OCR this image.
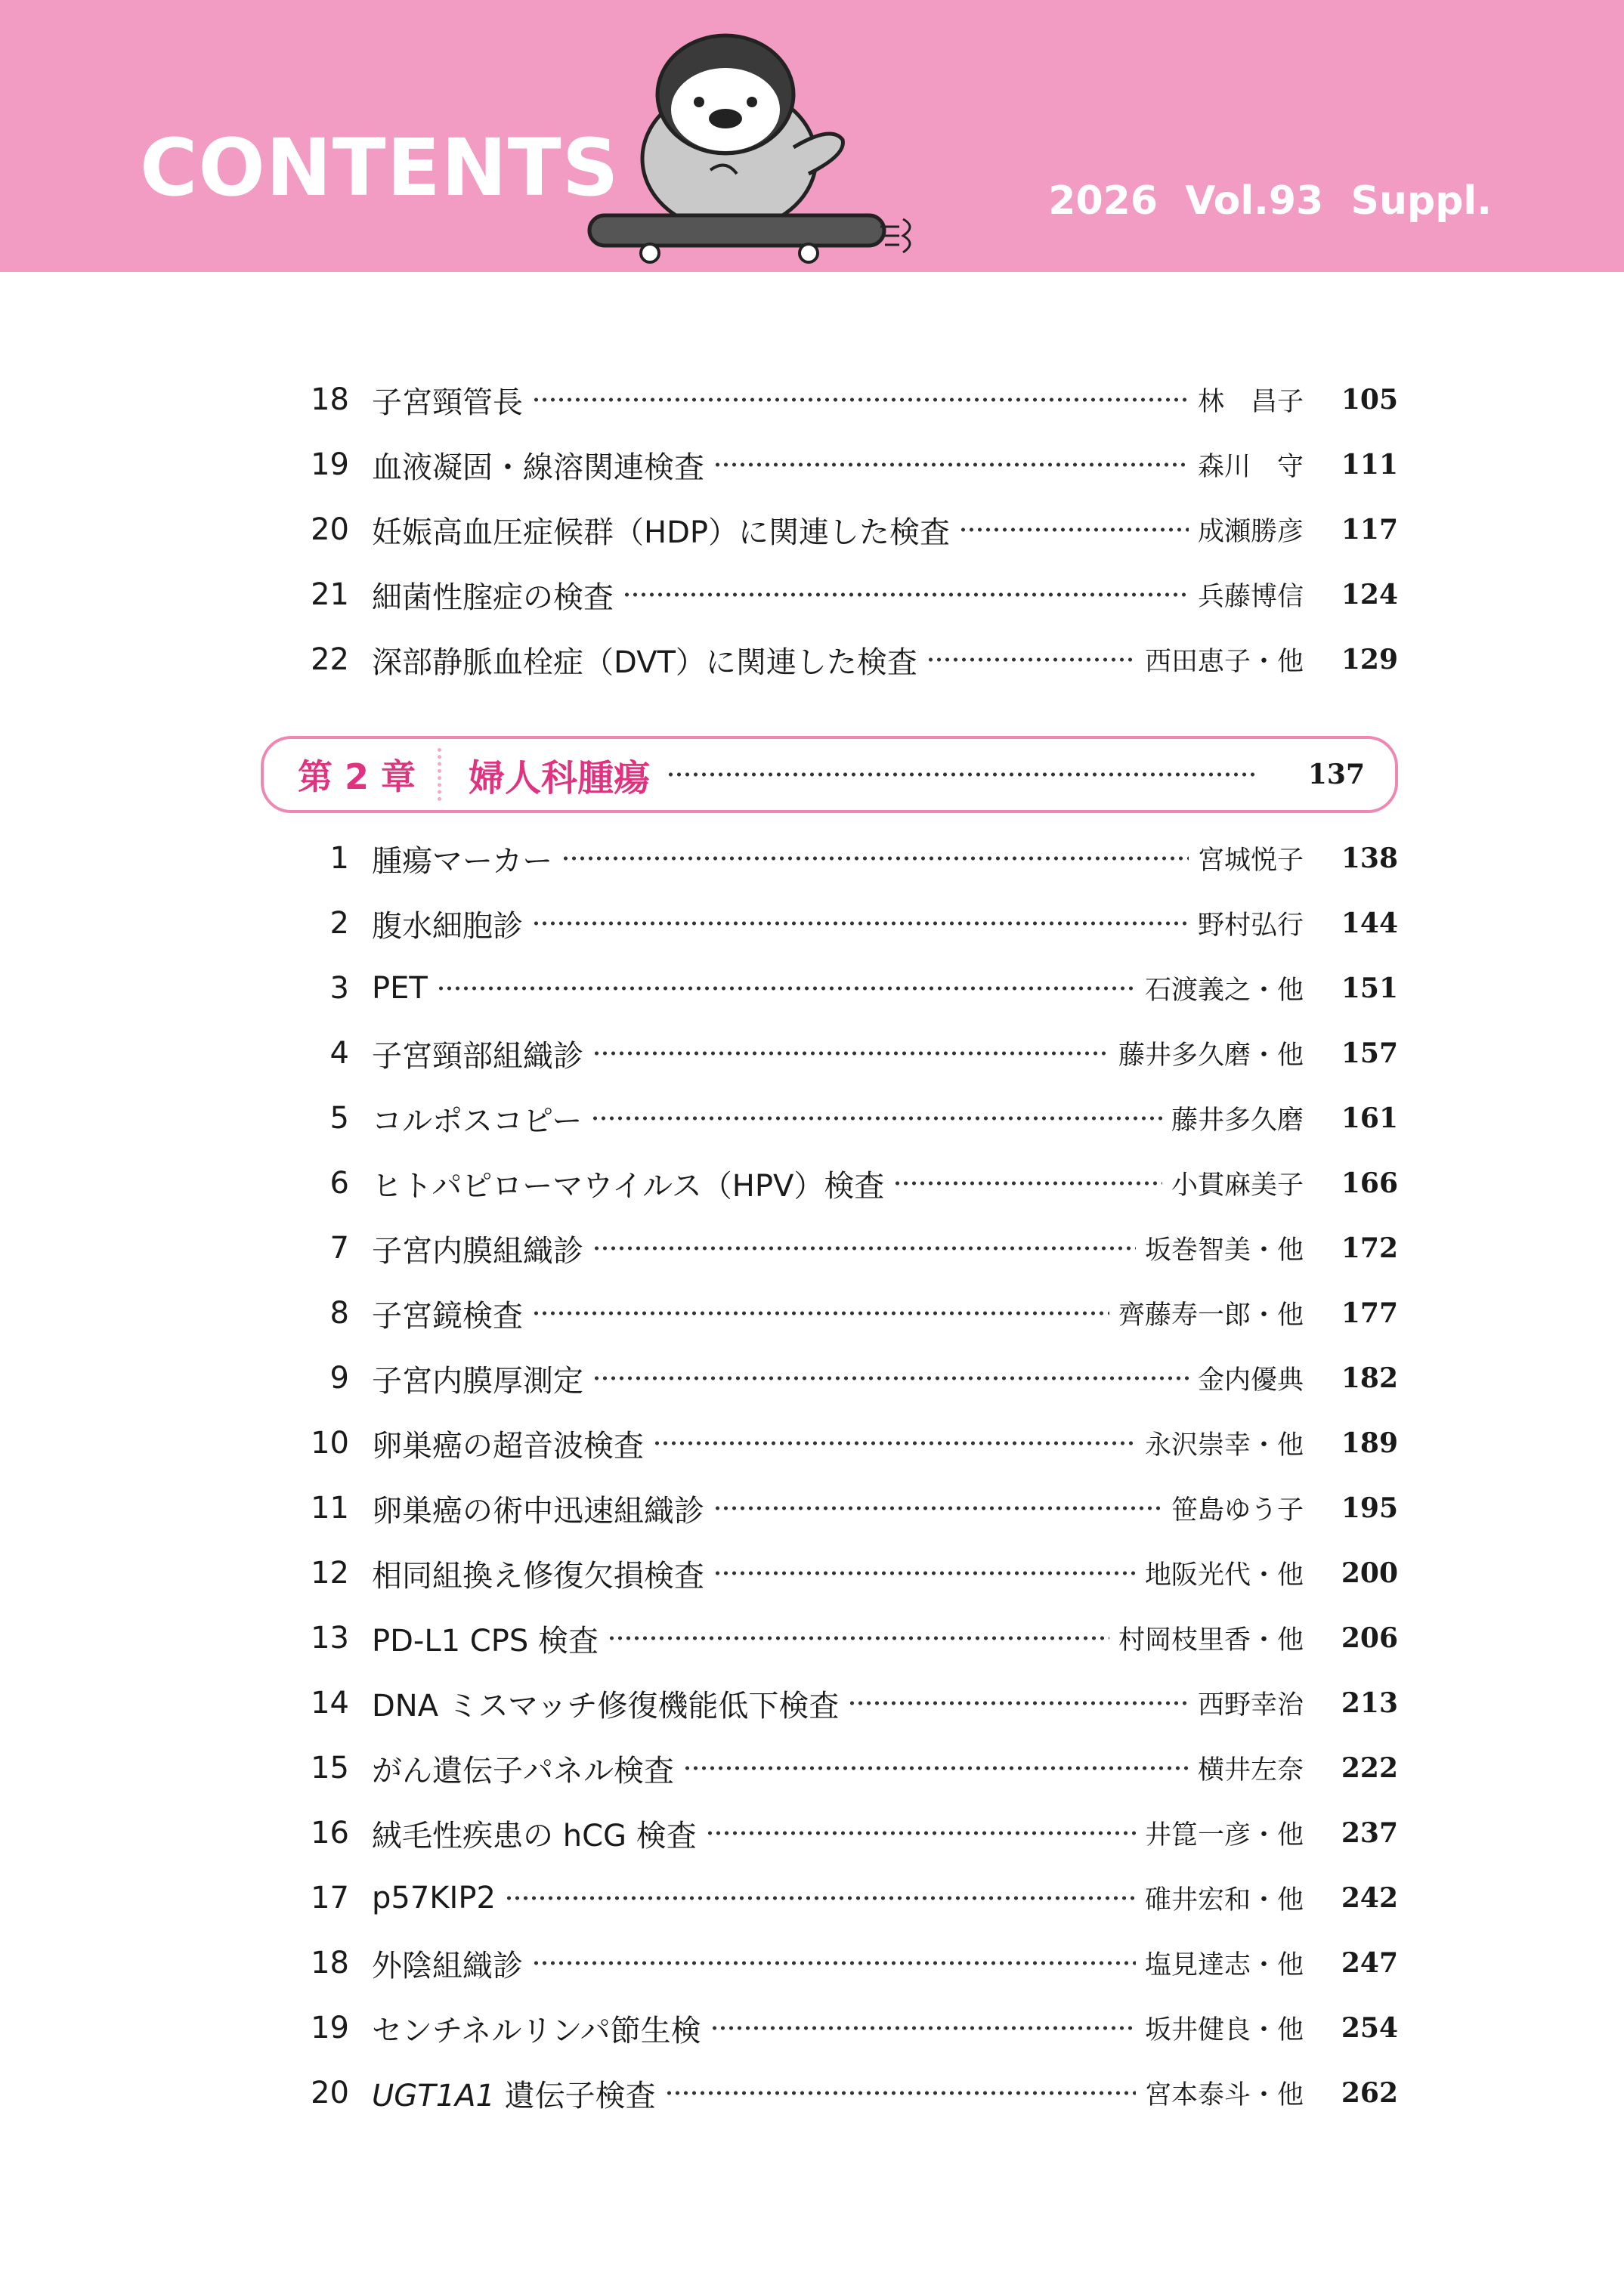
CONTENTS	2026  Vol.93  Suppl.
18 子宮頸管長	林　昌子	105
19 血液凝固・線溶関連検査	森川　守	111
20 妊娠高血圧症候群（HDP）に関連した検査	成瀬勝彦	117
21 細菌性腟症の検査	兵藤博信	124
22 深部静脈血栓症（DVT）に関連した検査	西田恵子・他	129
第 2 章	婦人科腫瘍	137
1 腫瘍マーカー	宮城悦子	138
2 腹水細胞診	野村弘行	144
3 PET	石渡義之・他	151
4 子宮頸部組織診	藤井多久磨・他	157
5 コルポスコピー	藤井多久磨	161
6 ヒトパピローマウイルス（HPV）検査	小貫麻美子	166
7 子宮内膜組織診	坂巻智美・他	172
8 子宮鏡検査	齊藤寿一郎・他	177
9 子宮内膜厚測定	金内優典	182
10 卵巣癌の超音波検査	永沢崇幸・他	189
11 卵巣癌の術中迅速組織診	笹島ゆう子	195
12 相同組換え修復欠損検査	地阪光代・他	200
13 PD-L1 CPS 検査	村岡枝里香・他	206
14 DNA ミスマッチ修復機能低下検査	西野幸治	213
15 がん遺伝子パネル検査	横井左奈	222
16 絨毛性疾患の hCG 検査	井箟一彦・他	237
17 p57KIP2	碓井宏和・他	242
18 外陰組織診	塩見達志・他	247
19 センチネルリンパ節生検	坂井健良・他	254
20 UGT1A1 遺伝子検査	宮本泰斗・他	262
